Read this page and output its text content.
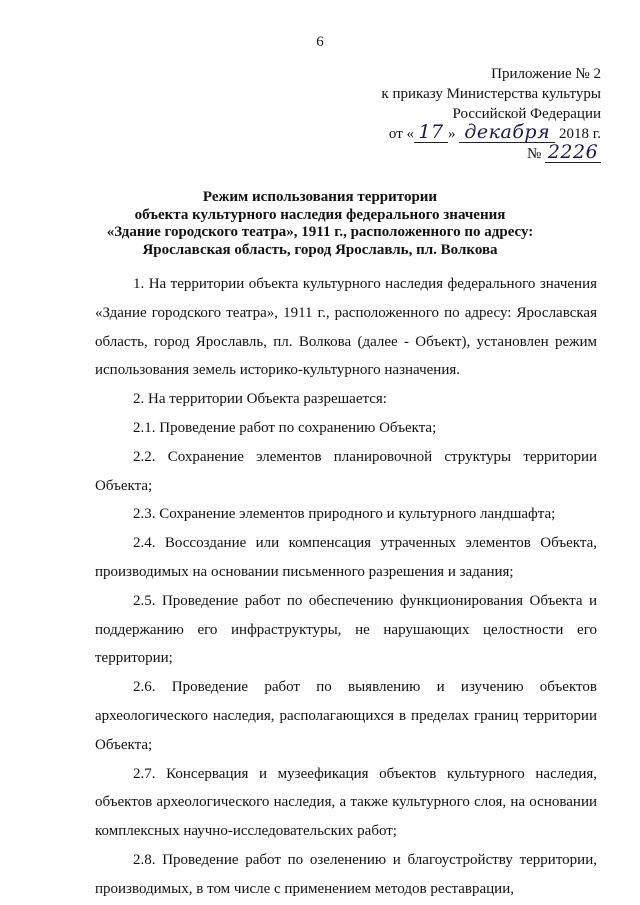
6
Приложение № 2
к приказу Министерства культуры
Российской Федерации
от « 17 » декабря 2018 г.
№ 2226
Режим использования территории
объекта культурного наследия федерального значения
«Здание городского театра», 1911 г., расположенного по адресу:
Ярославская область, город Ярославль, пл. Волкова

1. На территории объекта культурного наследия федерального значения «Здание городского театра», 1911 г., расположенного по адресу: Ярославская область, город Ярославль, пл. Волкова (далее - Объект), установлен режим использования земель историко-культурного назначения.

2. На территории Объекта разрешается:

2.1. Проведение работ по сохранению Объекта;

2.2. Сохранение элементов планировочной структуры территории Объекта;

2.3. Сохранение элементов природного и культурного ландшафта;

2.4. Воссоздание или компенсация утраченных элементов Объекта, производимых на основании письменного разрешения и задания;

2.5. Проведение работ по обеспечению функционирования Объекта и поддержанию его инфраструктуры, не нарушающих целостности его территории;

2.6. Проведение работ по выявлению и изучению объектов археологического наследия, располагающихся в пределах границ территории Объекта;

2.7. Консервация и музеефикация объектов культурного наследия, объектов археологического наследия, а также культурного слоя, на основании комплексных научно-исследовательских работ;

2.8. Проведение работ по озеленению и благоустройству территории, производимых, в том числе с применением методов реставрации,
